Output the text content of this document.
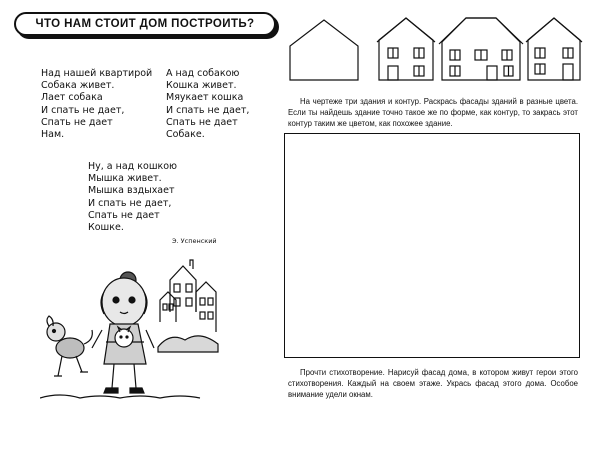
ЧТО НАМ СТОИТ ДОМ ПОСТРОИТЬ?
Над нашей квартирой
Собака живет.
Лает собака
И спать не дает,
Спать не дает
Нам.
А над собакою
Кошка живет.
Мяукает кошка
И спать не дает,
Спать не дает
Собаке.
Ну, а над кошкою
Мышка живет.
Мышка вздыхает
И спать не дает,
Спать не дает
Кошке.
Э. Успенский
На чертеже три здания и контур. Раскрась фасады зданий в разные цвета. Если ты найдешь здание точно такое же по форме, как контур, то закрась этот контур таким же цветом, как похожее здание.
Прочти стихотворение. Нарисуй фасад дома, в котором живут герои этого стихотворения. Каждый на своем этаже. Укрась фасад этого дома. Особое внимание удели окнам.
